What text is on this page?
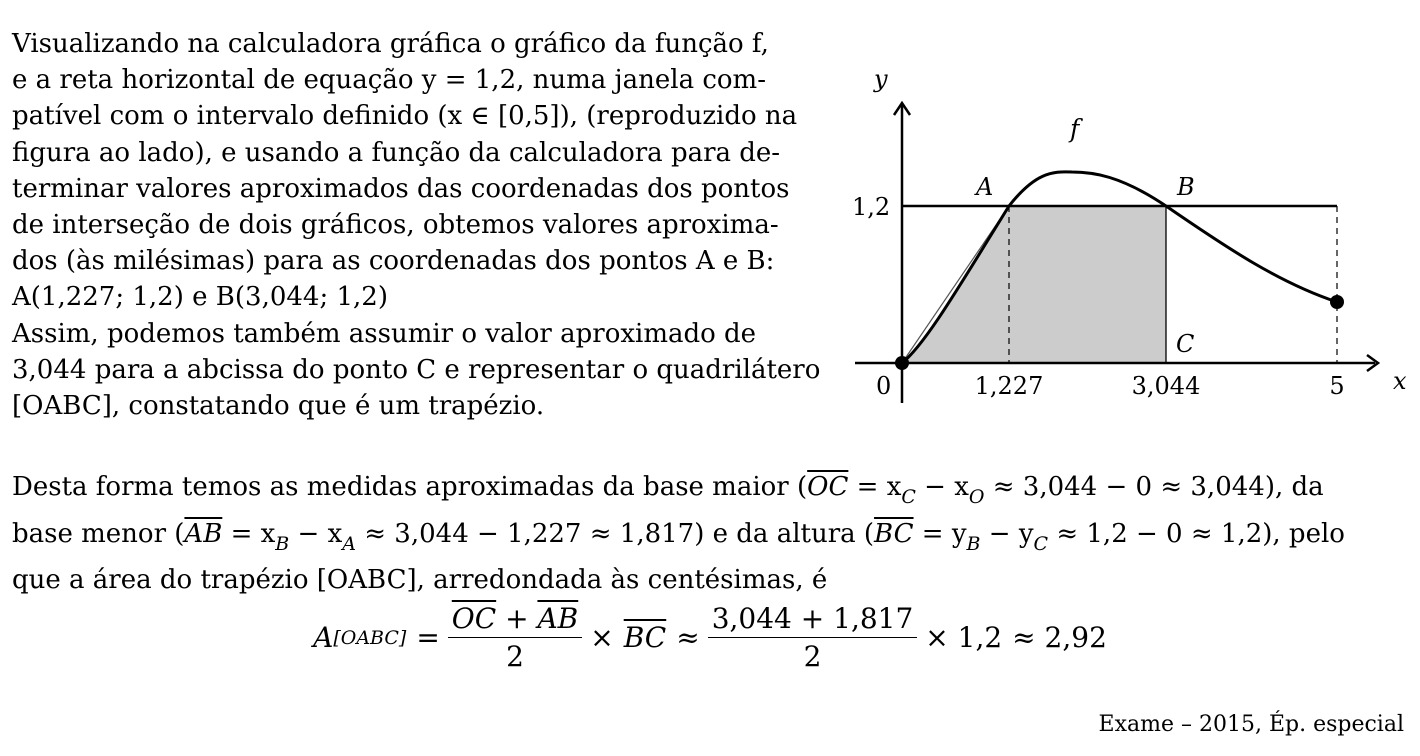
Visualizando na calculadora gráfica o gráfico da função f,
e a reta horizontal de equação y = 1,2, numa janela com-
patível com o intervalo definido (x ∈ [0,5]), (reproduzido na
figura ao lado), e usando a função da calculadora para de-
terminar valores aproximados das coordenadas dos pontos
de interseção de dois gráficos, obtemos valores aproxima-
dos (às milésimas) para as coordenadas dos pontos A e B:
A(1,227; 1,2) e B(3,044; 1,2)
Assim, podemos também assumir o valor aproximado de
3,044 para a abcissa do ponto C e representar o quadrilátero
[OABC], constatando que é um trapézio.
y
x
f
1,2
0
A	B
C
1,227	3,044	5
Desta forma temos as medidas aproximadas da base maior $(\overline{OC} = x_C - x_O \approx 3,044 - 0 \approx 3,044)$, da
base menor $(\overline{AB} = x_B - x_A \approx 3,044 - 1,227 \approx 1,817)$ e da altura $(\overline{BC} = y_B - y_C \approx 1,2 - 0 \approx 1,2)$, pelo
que a área do trapézio [OABC], arredondada às centésimas, é
A [OABC] = $\frac{\overline{OC} + \overline{AB}}{2} \times \overline{BC} \approx \frac{3,044 + 1,817}{2} \times 1,2 \approx 2,92$
Exame – 2015, Ép. especial
